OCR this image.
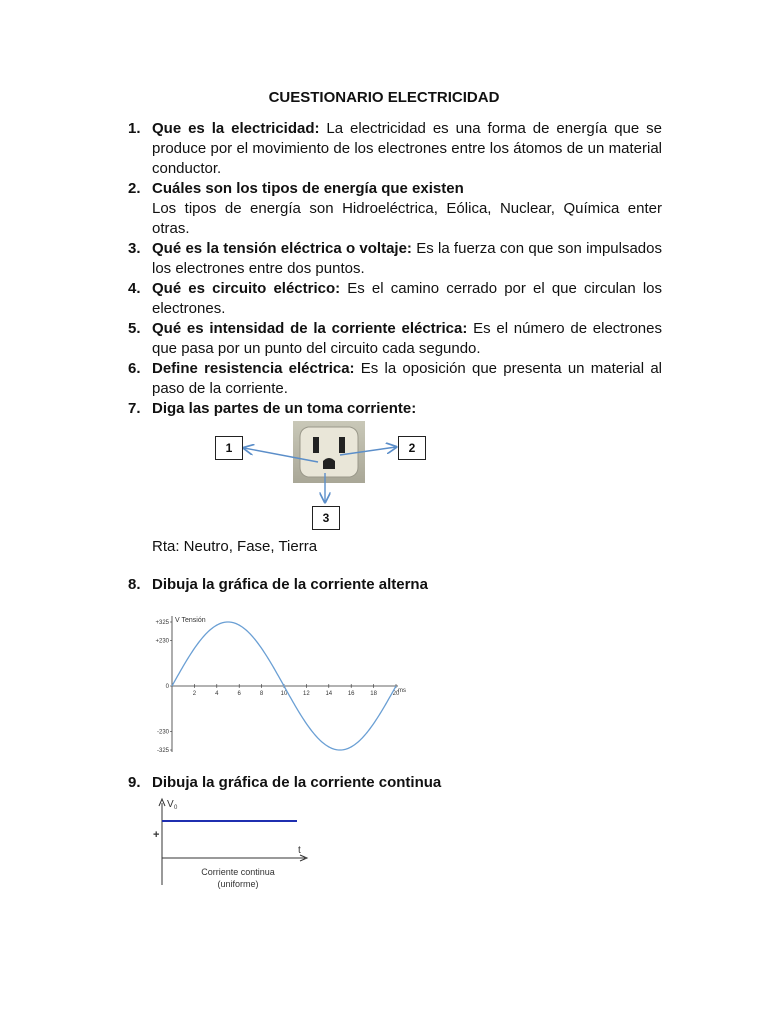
CUESTIONARIO ELECTRICIDAD
1. Que es la electricidad: La electricidad es una forma de energía que se produce por el movimiento de los electrones entre los átomos de un material conductor.
2. Cuáles son los tipos de energía que existen

Los tipos de energía son Hidroeléctrica, Eólica, Nuclear, Química enter otras.

3. Qué es la tensión eléctrica o voltaje: Es la fuerza con que son impulsados los electrones entre dos puntos.
4. Qué es circuito eléctrico: Es el camino cerrado por el que circulan los electrones.
5. Qué es intensidad de la corriente eléctrica: Es el número de electrones que pasa por un punto del circuito cada segundo.
6. Define resistencia eléctrica: Es la oposición que presenta un material al paso de la corriente.
7. Diga las partes de un toma corriente:
1	2
3
Rta: Neutro, Fase, Tierra
8. Dibuja la gráfica de la corriente alterna
V Tensión
ms
+325
+230
0
-230
-325
2	4	6	8	10	12	14	16	18	20
9. Dibuja la gráfica de la corriente continua
V 0
t
+
Corriente continua
(uniforme)
